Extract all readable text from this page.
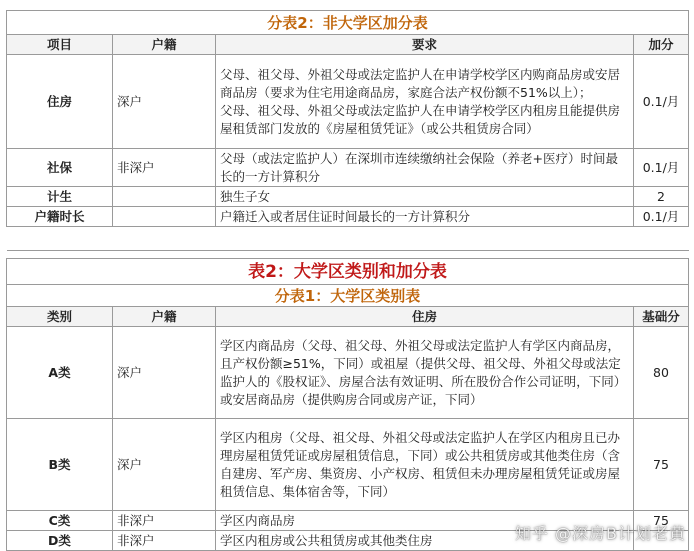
分表2：非大学区加分表			
项目	户籍	要求	加分
住房	深户	父母、祖父母、外祖父母或法定监护人在申请学校学区内购商品房或安居商品房（要求为住宅用途商品房，家庭合法产权份额不51%以上）；
父母、祖父母、外祖父母或法定监护人在申请学校学区内租房且能提供房屋租赁部门发放的《房屋租赁凭证》（或公共租赁房合同）	0.1/月
社保	非深户	父母（或法定监护人）在深圳市连续缴纳社会保险（养老+医疗）时间最长的一方计算积分	0.1/月
计生		独生子女	2
户籍时长		户籍迁入或者居住证时间最长的一方计算积分	0.1/月

表2：大学区类别和加分表			
分表1：大学区类别表			
类别	户籍	住房	基础分
A类	深户	学区内商品房（父母、祖父母、外祖父母或法定监护人有学区内商品房，且产权份额≥51%，下同）或祖屋（提供父母、祖父母、外祖父母或法定监护人的《股权证》、房屋合法有效证明、所在股份合作公司证明，下同）或安居商品房（提供购房合同或房产证，下同）	80
B类	深户	学区内租房（父母、祖父母、外祖父母或法定监护人在学区内租房且已办理房屋租赁凭证或房屋租赁信息，下同）或公共租赁房或其他类住房（含自建房、军产房、集资房、小产权房、租赁但未办理房屋租赁凭证或房屋租赁信息、集体宿舍等，下同）	75
C类	非深户	学区内商品房	75
D类	非深户	学区内租房或公共租赁房或其他类住房		知乎 @深房B计划老黄
